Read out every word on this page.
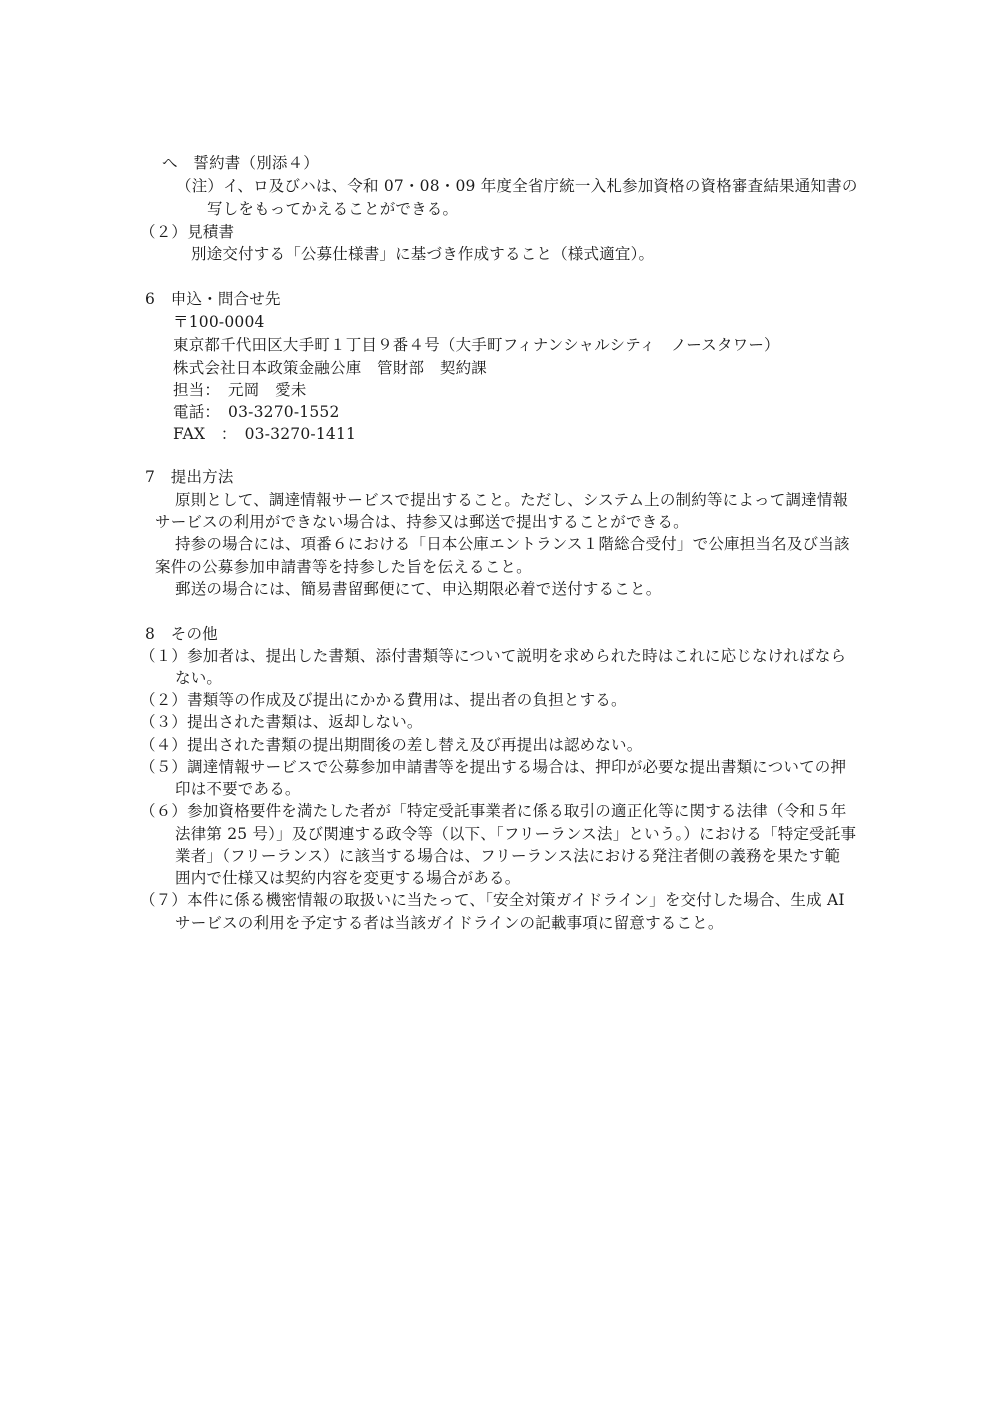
へ　誓約書（別添４）
（注）イ、ロ及びハは、令和 07・08・09 年度全省庁統一入札参加資格の資格審査結果通知書の
写しをもってかえることができる。
（２）見積書
別途交付する「公募仕様書」に基づき作成すること（様式適宜）。
6　申込・問合せ先
〒100-0004
東京都千代田区大手町１丁目９番４号（大手町フィナンシャルシティ　ノースタワー）
株式会社日本政策金融公庫　管財部　契約課
担当：　元岡　愛未
電話：　03-3270-1552
FAX　：　03-3270-1411
7　提出方法
原則として、調達情報サービスで提出すること。ただし、システム上の制約等によって調達情報
サービスの利用ができない場合は、持参又は郵送で提出することができる。
持参の場合には、項番６における「日本公庫エントランス１階総合受付」で公庫担当名及び当該
案件の公募参加申請書等を持参した旨を伝えること。
郵送の場合には、簡易書留郵便にて、申込期限必着で送付すること。
8　その他
（１）参加者は、提出した書類、添付書類等について説明を求められた時はこれに応じなければなら
ない。
（２）書類等の作成及び提出にかかる費用は、提出者の負担とする。
（３）提出された書類は、返却しない。
（４）提出された書類の提出期間後の差し替え及び再提出は認めない。
（５）調達情報サービスで公募参加申請書等を提出する場合は、押印が必要な提出書類についての押
印は不要である。
（６）参加資格要件を満たした者が「特定受託事業者に係る取引の適正化等に関する法律（令和５年
法律第 25 号）」及び関連する政令等（以下、「フリーランス法」という。）における「特定受託事
業者」（フリーランス）に該当する場合は、フリーランス法における発注者側の義務を果たす範
囲内で仕様又は契約内容を変更する場合がある。
（７）本件に係る機密情報の取扱いに当たって、「安全対策ガイドライン」を交付した場合、生成 AI
サービスの利用を予定する者は当該ガイドラインの記載事項に留意すること。
